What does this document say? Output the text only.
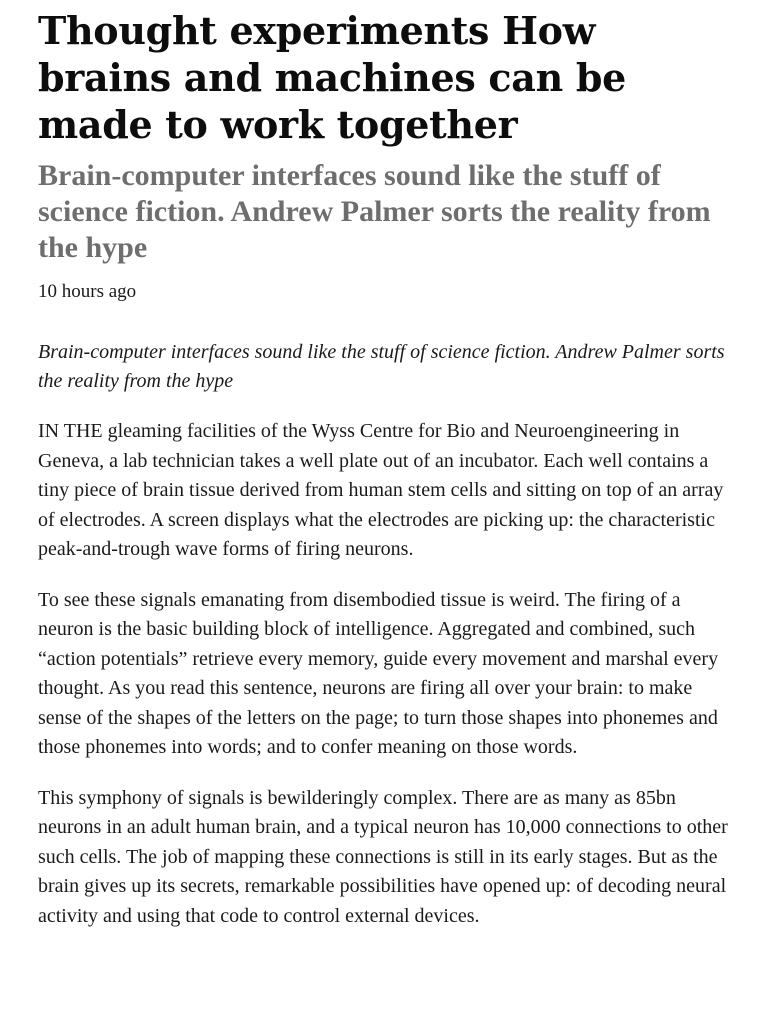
Thought experiments How brains and machines can be made to work together
Brain-computer interfaces sound like the stuff of science fiction. Andrew Palmer sorts the reality from the hype
10 hours ago

Brain-computer interfaces sound like the stuff of science fiction. Andrew Palmer sorts the reality from the hype

IN THE gleaming facilities of the Wyss Centre for Bio and Neuroengineering in Geneva, a lab technician takes a well plate out of an incubator. Each well contains a tiny piece of brain tissue derived from human stem cells and sitting on top of an array of electrodes. A screen displays what the electrodes are picking up: the characteristic peak-and-trough wave forms of firing neurons.

To see these signals emanating from disembodied tissue is weird. The firing of a neuron is the basic building block of intelligence. Aggregated and combined, such “action potentials” retrieve every memory, guide every movement and marshal every thought. As you read this sentence, neurons are firing all over your brain: to make sense of the shapes of the letters on the page; to turn those shapes into phonemes and those phonemes into words; and to confer meaning on those words.

This symphony of signals is bewilderingly complex. There are as many as 85bn neurons in an adult human brain, and a typical neuron has 10,000 connections to other such cells. The job of mapping these connections is still in its early stages. But as the brain gives up its secrets, remarkable possibilities have opened up: of decoding neural activity and using that code to control external devices.
